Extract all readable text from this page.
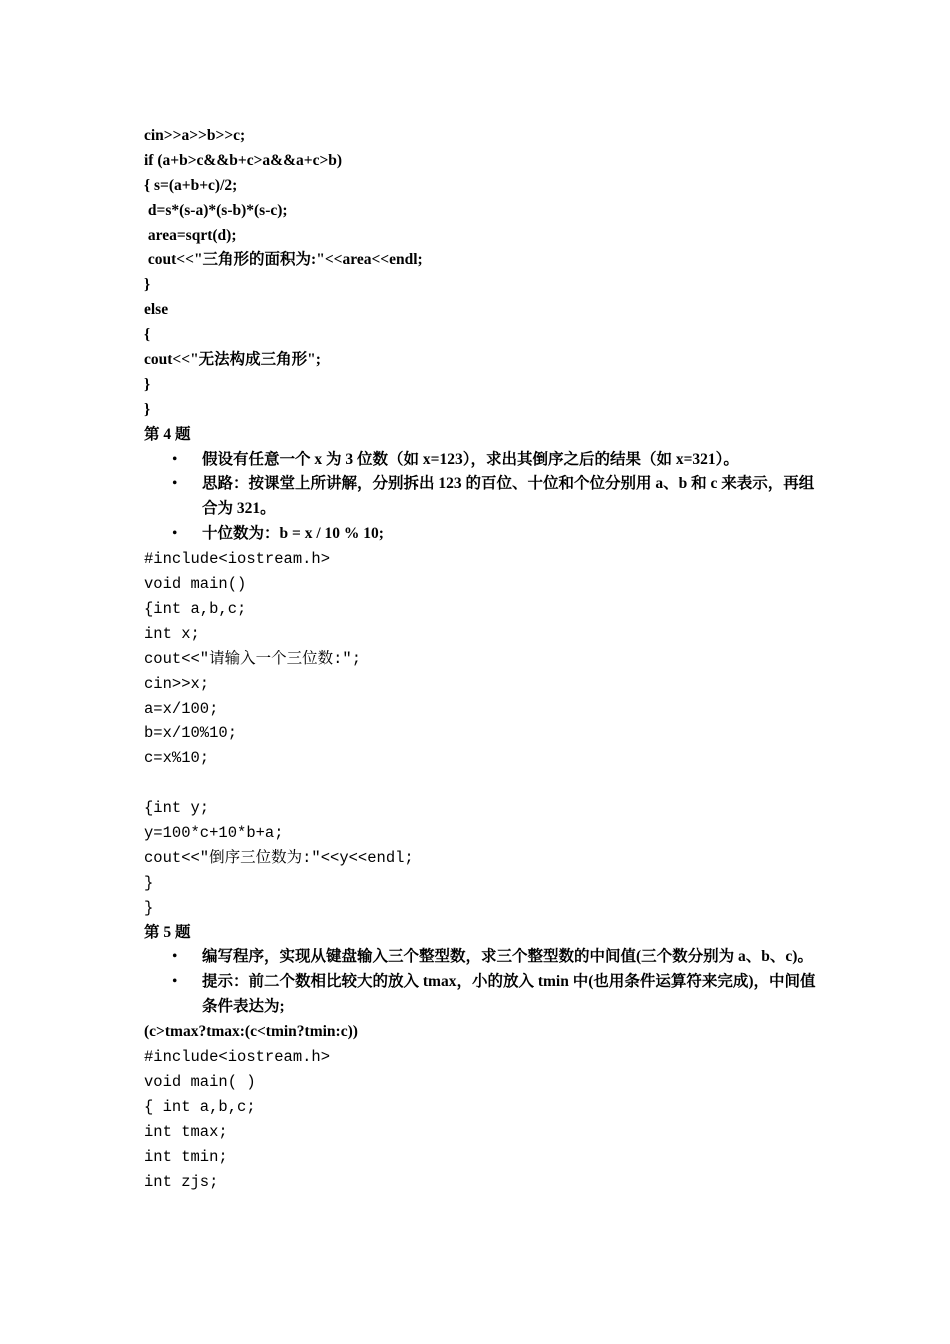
cin>>a>>b>>c;
if (a+b>c&&b+c>a&&a+c>b)
{ s=(a+b+c)/2;
d=s*(s-a)*(s-b)*(s-c);
area=sqrt(d);
cout<<"三角形的面积为:"<<area<<endl;
}
else
{
cout<<"无法构成三角形";
}
}
第 4 题
• 假设有任意一个 x 为 3 位数（如 x=123），求出其倒序之后的结果（如 x=321）。
• 思路：按课堂上所讲解，分别拆出 123 的百位、十位和个位分别用 a、b 和 c 来表示，再组合为 321。
• 十位数为：b = x / 10 % 10;
#include<iostream.h>
void main()
{int a,b,c;
int x;
cout<<"请输入一个三位数:";
cin>>x;
a=x/100;
b=x/10%10;
c=x%10;
{int y;
y=100*c+10*b+a;
cout<<"倒序三位数为:"<<y<<endl;
}
}
第 5 题
• 编写程序，实现从键盘输入三个整型数，求三个整型数的中间值(三个数分别为 a、b、c)。
• 提示：前二个数相比较大的放入 tmax，小的放入 tmin 中(也用条件运算符来完成)，中间值条件表达为;
(c>tmax?tmax:(c<tmin?tmin:c))
#include<iostream.h>
void main( )
{ int a,b,c;
int tmax;
int tmin;
int zjs;
